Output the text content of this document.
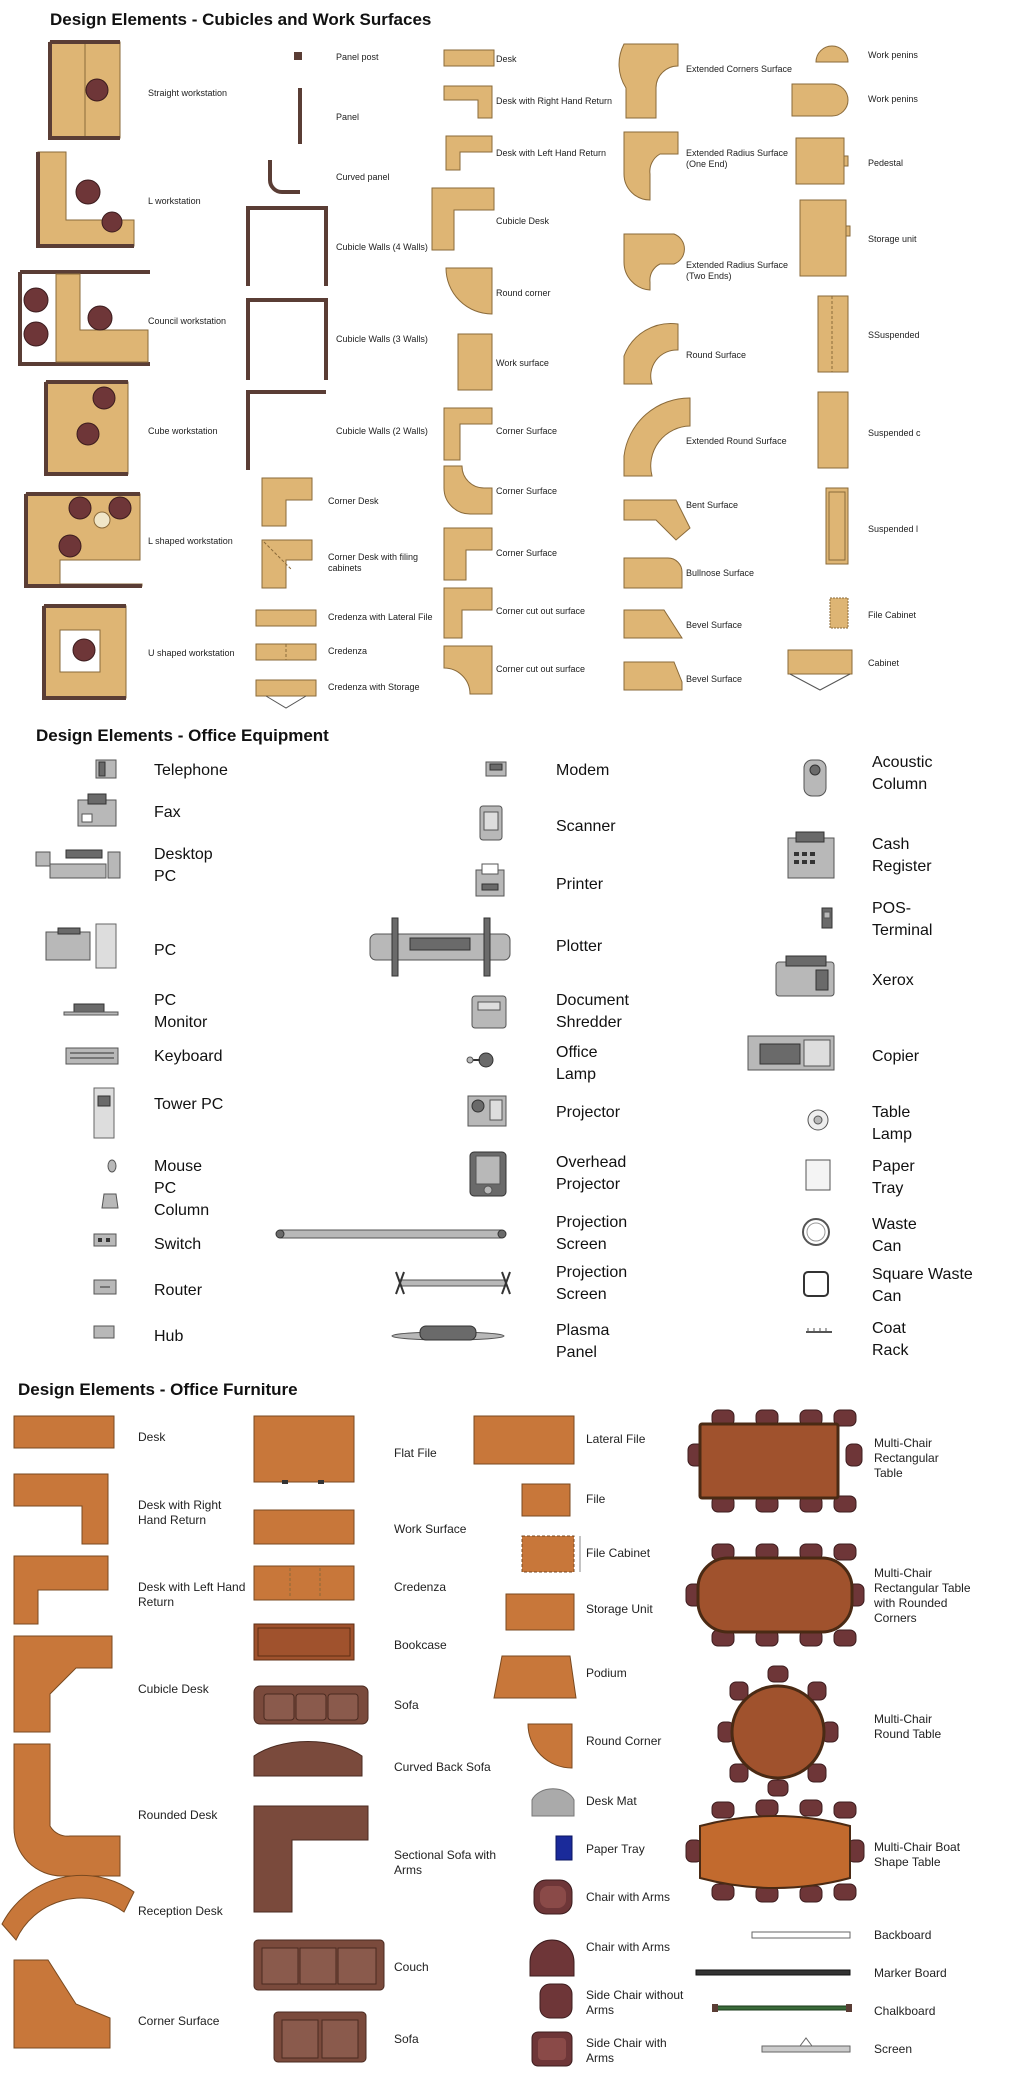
Design Elements - Cubicles and Work Surfaces
Design Elements - Office Equipment
Design Elements - Office Furniture
Straight workstation
L workstation
Council workstation
Cube workstation
L shaped workstation
U shaped workstation
Panel post
Panel
Curved panel
Cubicle Walls (4 Walls)
Cubicle Walls (3 Walls)
Cubicle Walls (2 Walls)
Corner Desk
Corner Desk with filing cabinets
Credenza with Lateral File
Credenza
Credenza with Storage
Desk
Desk with Right Hand Return
Desk with Left Hand Return
Cubicle Desk
Round corner
Work surface
Corner Surface
Corner Surface
Corner Surface
Corner cut out surface
Corner cut out surface
Extended Corners Surface
Extended Radius Surface (One End)
Extended Radius Surface (Two Ends)
Round Surface
Extended Round Surface
Bent Surface
Bullnose Surface
Bevel Surface
Bevel Surface
Work penins
Work penins
Pedestal
Storage unit
SSuspended
Suspended c
Suspended l
File Cabinet
Cabinet
Telephone
Fax
Desktop PC
PC
PC Monitor
Keyboard
Tower PC
Mouse
PC Column
Switch
Router
Hub
Modem
Scanner
Printer
Plotter
Document Shredder
Office Lamp
Projector
Overhead Projector
Projection Screen
Projection Screen
Plasma Panel
Acoustic Column
Cash Register
POS-Terminal
Xerox
Copier
Table Lamp
Paper Tray
Waste Can
Square Waste Can
Coat Rack
Desk
Desk with Right Hand Return
Desk with Left Hand Return
Cubicle Desk
Rounded Desk
Reception Desk
Corner Surface
Flat File
Work Surface
Credenza
Bookcase
Sofa
Curved Back Sofa
Sectional Sofa with Arms
Couch
Sofa
Lateral File
File
File Cabinet
Storage Unit
Podium
Round Corner
Desk Mat
Paper Tray
Chair with Arms
Chair with Arms
Side Chair without Arms
Side Chair with Arms
Multi-Chair Rectangular Table
Multi-Chair Rectangular Table with Rounded Corners
Multi-Chair Round Table
Multi-Chair Boat Shape Table
Backboard
Marker Board
Chalkboard
Screen
